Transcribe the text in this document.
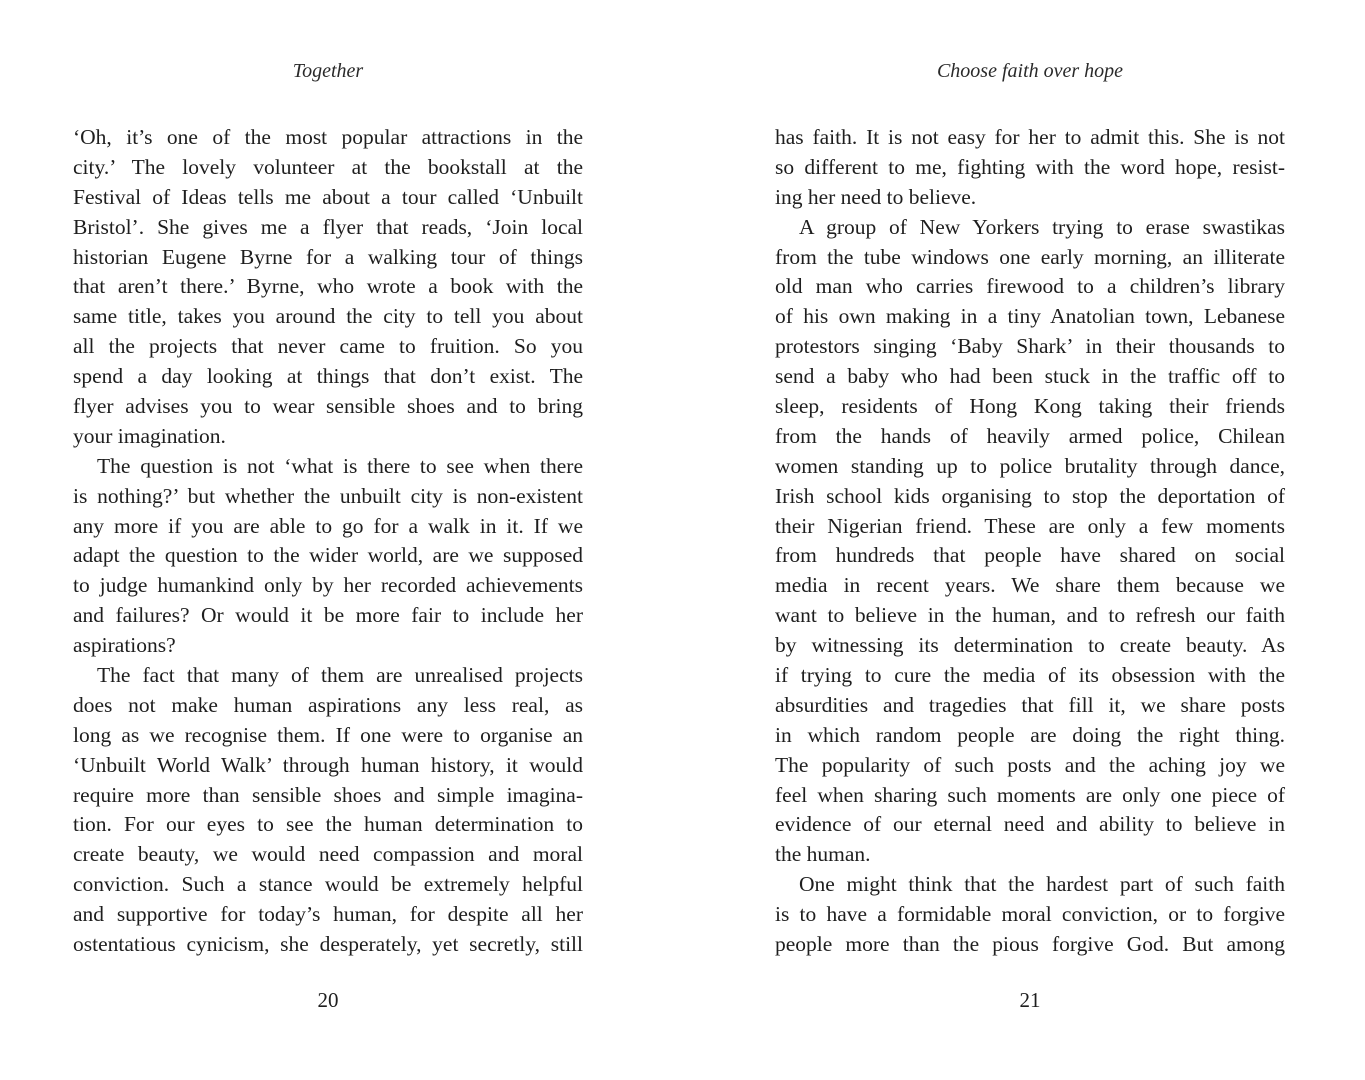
Together
‘Oh, it’s one of the most popular attractions in the
city.’ The lovely volunteer at the bookstall at the
Festival of Ideas tells me about a tour called ‘Unbuilt
Bristol’. She gives me a flyer that reads, ‘Join local
historian Eugene Byrne for a walking tour of things
that aren’t there.’ Byrne, who wrote a book with the
same title, takes you around the city to tell you about
all the projects that never came to fruition. So you
spend a day looking at things that don’t exist. The
flyer advises you to wear sensible shoes and to bring
your imagination.
The question is not ‘what is there to see when there
is nothing?’ but whether the unbuilt city is non-existent
any more if you are able to go for a walk in it. If we
adapt the question to the wider world, are we supposed
to judge humankind only by her recorded achievements
and failures? Or would it be more fair to include her
aspirations?
The fact that many of them are unrealised projects
does not make human aspirations any less real, as
long as we recognise them. If one were to organise an
‘Unbuilt World Walk’ through human history, it would
require more than sensible shoes and simple imagina-
tion. For our eyes to see the human determination to
create beauty, we would need compassion and moral
conviction. Such a stance would be extremely helpful
and supportive for today’s human, for despite all her
ostentatious cynicism, she desperately, yet secretly, still
20
Choose faith over hope
has faith. It is not easy for her to admit this. She is not
so different to me, fighting with the word hope, resist-
ing her need to believe.
A group of New Yorkers trying to erase swastikas
from the tube windows one early morning, an illiterate
old man who carries firewood to a children’s library
of his own making in a tiny Anatolian town, Lebanese
protestors singing ‘Baby Shark’ in their thousands to
send a baby who had been stuck in the traffic off to
sleep, residents of Hong Kong taking their friends
from the hands of heavily armed police, Chilean
women standing up to police brutality through dance,
Irish school kids organising to stop the deportation of
their Nigerian friend. These are only a few moments
from hundreds that people have shared on social
media in recent years. We share them because we
want to believe in the human, and to refresh our faith
by witnessing its determination to create beauty. As
if trying to cure the media of its obsession with the
absurdities and tragedies that fill it, we share posts
in which random people are doing the right thing.
The popularity of such posts and the aching joy we
feel when sharing such moments are only one piece of
evidence of our eternal need and ability to believe in
the human.
One might think that the hardest part of such faith
is to have a formidable moral conviction, or to forgive
people more than the pious forgive God. But among
21
